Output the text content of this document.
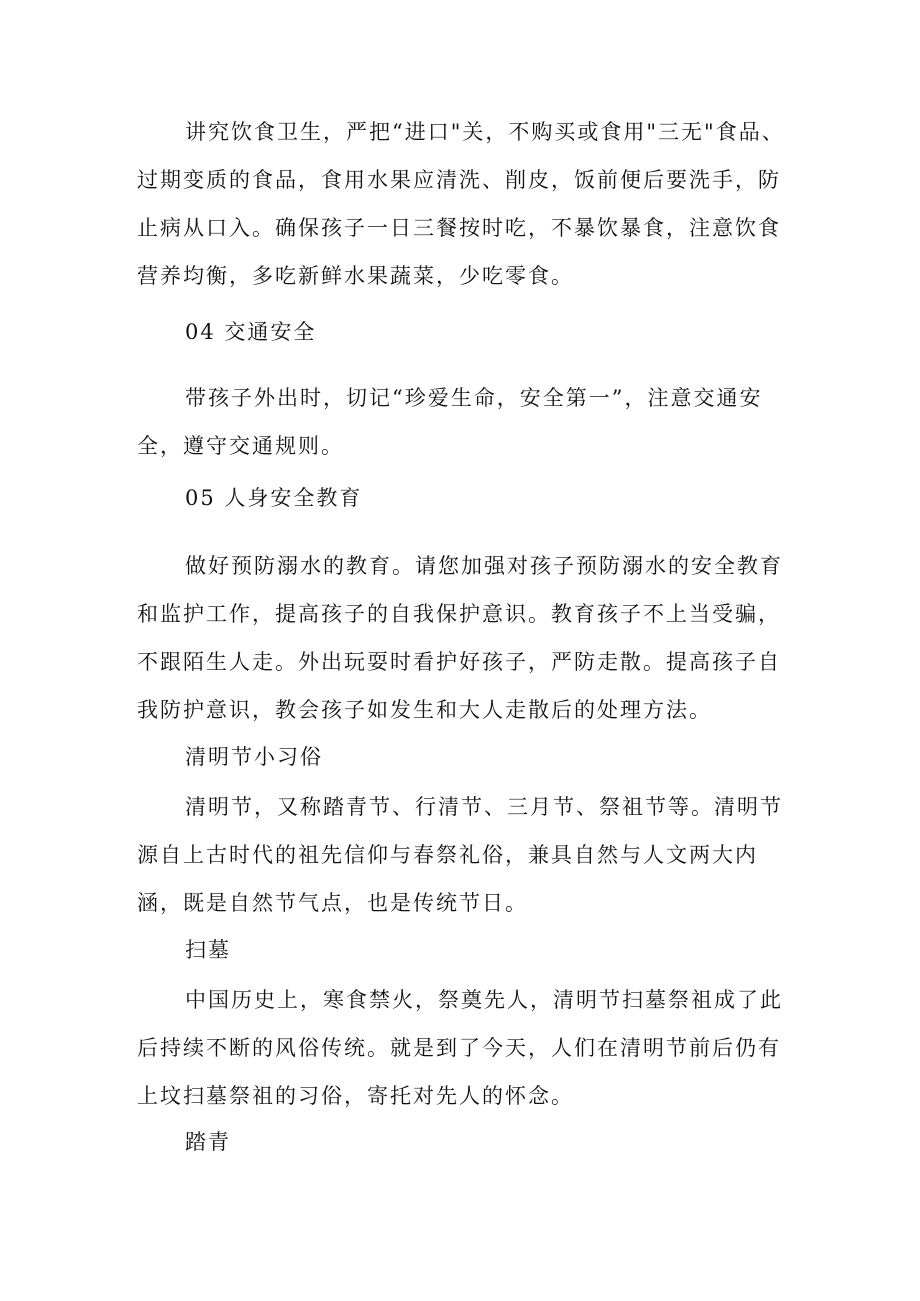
讲究饮食卫生，严把“进口"关，不购买或食用"三无"食品、过期变质的食品，食用水果应清洗、削皮，饭前便后要洗手，防止病从口入。确保孩子一日三餐按时吃，不暴饮暴食，注意饮食营养均衡，多吃新鲜水果蔬菜，少吃零食。

04 交通安全

带孩子外出时，切记“珍爱生命，安全第一”，注意交通安全，遵守交通规则。

05 人身安全教育

做好预防溺水的教育。请您加强对孩子预防溺水的安全教育和监护工作，提高孩子的自我保护意识。教育孩子不上当受骗，不跟陌生人走。外出玩耍时看护好孩子，严防走散。提高孩子自我防护意识，教会孩子如发生和大人走散后的处理方法。

清明节小习俗

清明节，又称踏青节、行清节、三月节、祭祖节等。清明节源自上古时代的祖先信仰与春祭礼俗，兼具自然与人文两大内涵，既是自然节气点，也是传统节日。

扫墓

中国历史上，寒食禁火，祭奠先人，清明节扫墓祭祖成了此后持续不断的风俗传统。就是到了今天，人们在清明节前后仍有上坟扫墓祭祖的习俗，寄托对先人的怀念。

踏青
